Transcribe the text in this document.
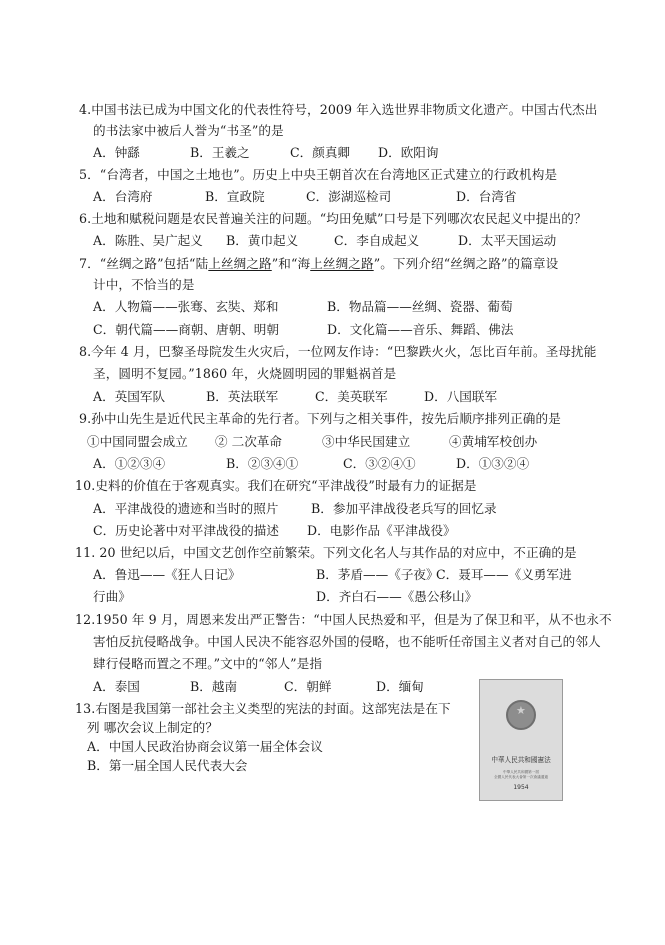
4.中国书法已成为中国文化的代表性符号，2009 年入选世界非物质文化遗产。中国古代杰出
的书法家中被后人誉为“书圣”的是
A．钟繇	B．王羲之	C．颜真卿 D．欧阳询
5．“台湾者，中国之土地也”。历史上中央王朝首次在台湾地区正式建立的行政机构是
A．台湾府	B．宣政院	C．澎湖巡检司	D．台湾省
6.土地和赋税问题是农民普遍关注的问题。“均田免赋”口号是下列哪次农民起义中提出的？
A．陈胜、吴广起义 B．黄巾起义	C．李自成起义	D．太平天国运动
7．“丝绸之路”包括“陆上丝绸之路”和“海上丝绸之路”。下列介绍“丝绸之路”的篇章设
计中，不恰当的是
A．人物篇——张骞、玄奘、郑和	B．物品篇——丝绸、瓷器、葡萄
C．朝代篇——商朝、唐朝、明朝	D．文化篇——音乐、舞蹈、佛法
8.今年 4 月，巴黎圣母院发生火灾后，一位网友作诗：“巴黎跌火火，怎比百年前。圣母扰能
圣，圆明不复园。”1860 年，火烧圆明园的罪魁祸首是
A．英国军队	B．英法联军	C．美英联军	D．八国联军
9.孙中山先生是近代民主革命的先行者。下列与之相关事件，按先后顺序排列正确的是
①中国同盟会成立 ② 二次革命	③中华民国建立	④黄埔军校创办
A．①②③④	B．②③④①	C．③②④①	D．①③②④
10.史料的价值在于客观真实。我们在研究“平津战役”时最有力的证据是
A．平津战役的遗迹和当时的照片	B．参加平津战役老兵写的回忆录
C．历史论著中对平津战役的描述 D．电影作品《平津战役》
11. 20 世纪以后，中国文艺创作空前繁荣。下列文化名人与其作品的对应中，不正确的是
A．鲁迅——《狂人日记》	B．茅盾——《子夜》
C．聂耳——《义勇军进
行曲》	D．齐白石——《愚公移山》
12.1950 年 9 月，周恩来发出严正警告：“中国人民热爱和平，但是为了保卫和平，从不也永不
害怕反抗侵略战争。中国人民决不能容忍外国的侵略，也不能听任帝国主义者对自己的邻人
肆行侵略而置之不理。”文中的“邻人”是指
A．泰国	B．越南	C．朝鲜	D．缅甸
13.右图是我国第一部社会主义类型的宪法的封面。这部宪法是在下
列 哪次会议上制定的？
A．中国人民政治协商会议第一届全体会议
B．第一届全国人民代表大会
★
中華人民共和國憲法
中華人民共和國第一屆
全國人民代表大會第一次會議通過
1954
